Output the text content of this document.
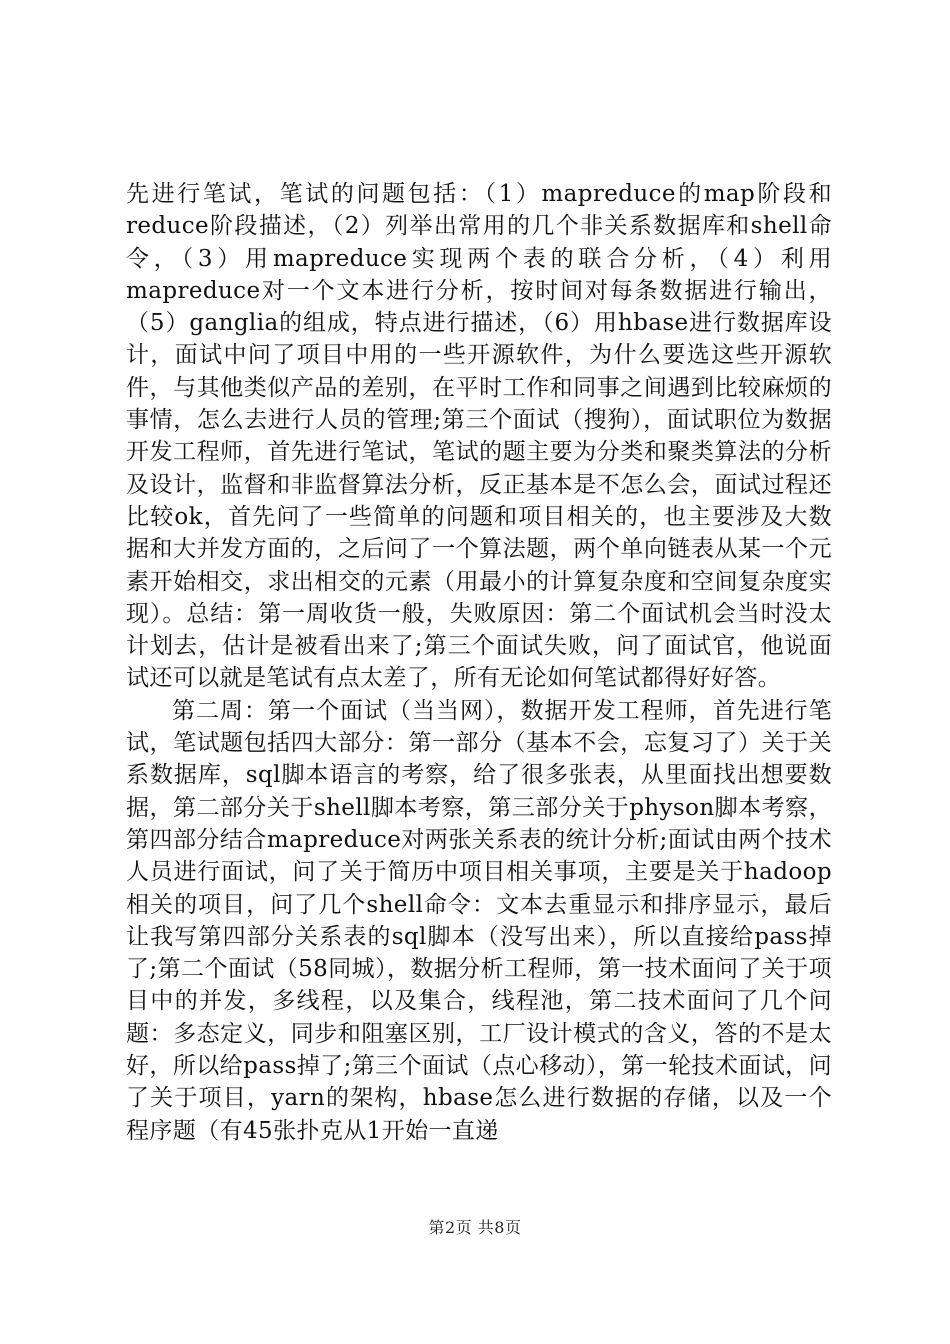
先进行笔试，笔试的问题包括：（1）mapreduce的map阶段和reduce阶段描述，（2）列举出常用的几个非关系数据库和shell命令，（3）用mapreduce实现两个表的联合分析，（4）利用mapreduce对一个文本进行分析，按时间对每条数据进行输出，（5）ganglia的组成，特点进行描述，（6）用hbase进行数据库设计，面试中问了项目中用的一些开源软件，为什么要选这些开源软件，与其他类似产品的差别，在平时工作和同事之间遇到比较麻烦的事情，怎么去进行人员的管理;第三个面试（搜狗），面试职位为数据开发工程师，首先进行笔试，笔试的题主要为分类和聚类算法的分析及设计，监督和非监督算法分析，反正基本是不怎么会，面试过程还比较ok，首先问了一些简单的问题和项目相关的，也主要涉及大数据和大并发方面的，之后问了一个算法题，两个单向链表从某一个元素开始相交，求出相交的元素（用最小的计算复杂度和空间复杂度实现）。总结：第一周收货一般，失败原因：第二个面试机会当时没太计划去，估计是被看出来了;第三个面试失败，问了面试官，他说面试还可以就是笔试有点太差了，所有无论如何笔试都得好好答。

第二周：第一个面试（当当网），数据开发工程师，首先进行笔试，笔试题包括四大部分：第一部分（基本不会，忘复习了）关于关系数据库，sql脚本语言的考察，给了很多张表，从里面找出想要数据，第二部分关于shell脚本考察，第三部分关于physon脚本考察，第四部分结合mapreduce对两张关系表的统计分析;面试由两个技术人员进行面试，问了关于简历中项目相关事项，主要是关于hadoop相关的项目，问了几个shell命令：文本去重显示和排序显示，最后让我写第四部分关系表的sql脚本（没写出来），所以直接给pass掉了;第二个面试（58同城），数据分析工程师，第一技术面问了关于项目中的并发，多线程，以及集合，线程池，第二技术面问了几个问题：多态定义，同步和阻塞区别，工厂设计模式的含义，答的不是太好，所以给pass掉了;第三个面试（点心移动），第一轮技术面试，问了关于项目，yarn的架构，hbase怎么进行数据的存储，以及一个程序题（有45张扑克从1开始一直递

第2页 共8页
